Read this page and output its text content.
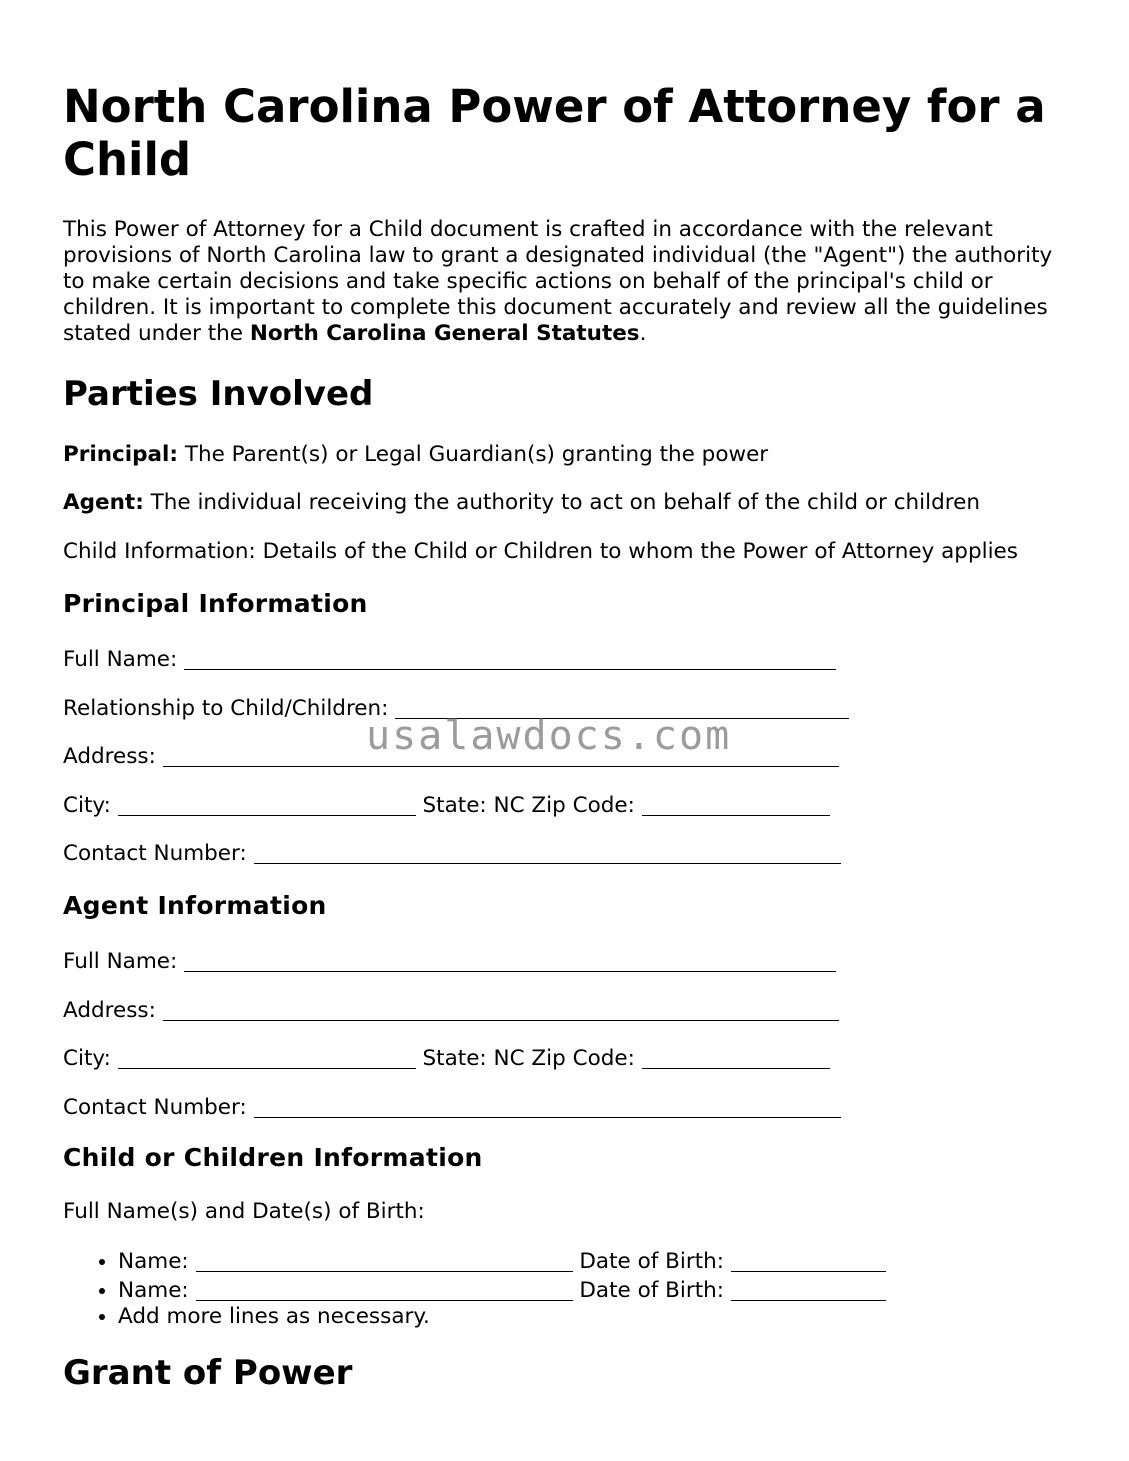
North Carolina Power of Attorney for a Child

This Power of Attorney for a Child document is crafted in accordance with the relevant provisions of North Carolina law to grant a designated individual (the "Agent") the authority to make certain decisions and take specific actions on behalf of the principal's child or children. It is important to complete this document accurately and review all the guidelines stated under the North Carolina General Statutes.

Parties Involved

Principal: The Parent(s) or Legal Guardian(s) granting the power

Agent: The individual receiving the authority to act on behalf of the child or children

Child Information: Details of the Child or Children to whom the Power of Attorney applies

Principal Information

Full Name:

Relationship to Child/Children:

Address:

City:	State: NC Zip Code:

Contact Number:

Agent Information

Full Name:

Address:

City:	State: NC Zip Code:

Contact Number:

Child or Children Information

Full Name(s) and Date(s) of Birth:

• Name:	Date of Birth:
• Name:	Date of Birth:
• Add more lines as necessary.
Grant of Power
usalawdocs.com
